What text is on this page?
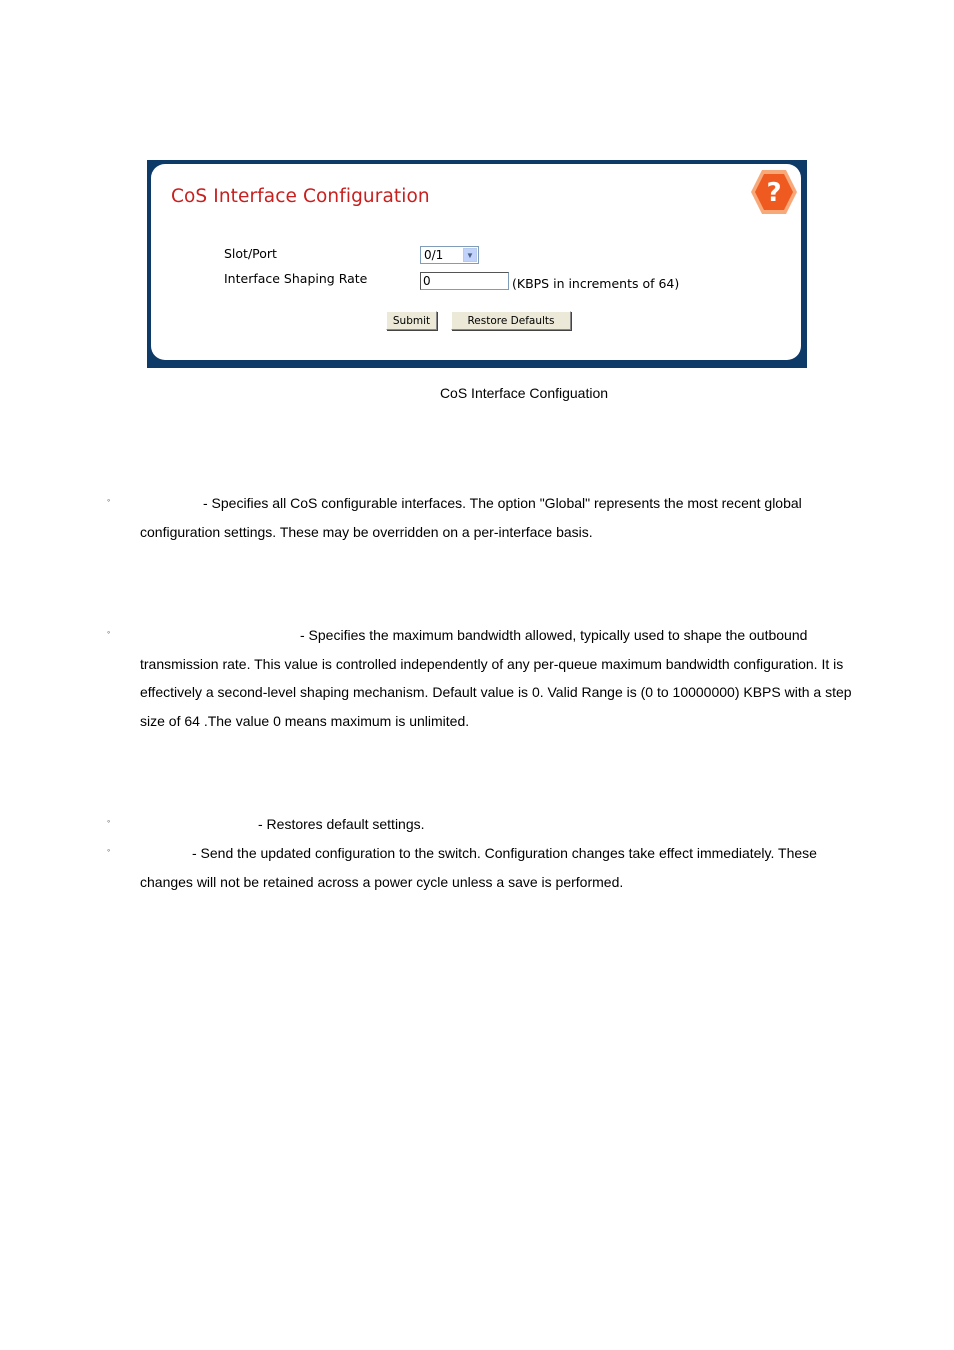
CoS Interface Configuration	?
Slot/Port	0/1	▼
Interface Shaping Rate	0	(KBPS in increments of 64)
Submit	Restore Defaults
CoS Interface Configuation
◦	- Specifies all CoS configurable interfaces. The option "Global" represents the most recent global
configuration settings. These may be overridden on a per-interface basis.
◦	- Specifies the maximum bandwidth allowed, typically used to shape the outbound
transmission rate. This value is controlled independently of any per-queue maximum bandwidth configuration. It is
effectively a second-level shaping mechanism. Default value is 0. Valid Range is (0 to 10000000) KBPS with a step
size of 64 .The value 0 means maximum is unlimited.
◦	- Restores default settings.
◦	- Send the updated configuration to the switch. Configuration changes take effect immediately. These
changes will not be retained across a power cycle unless a save is performed.
